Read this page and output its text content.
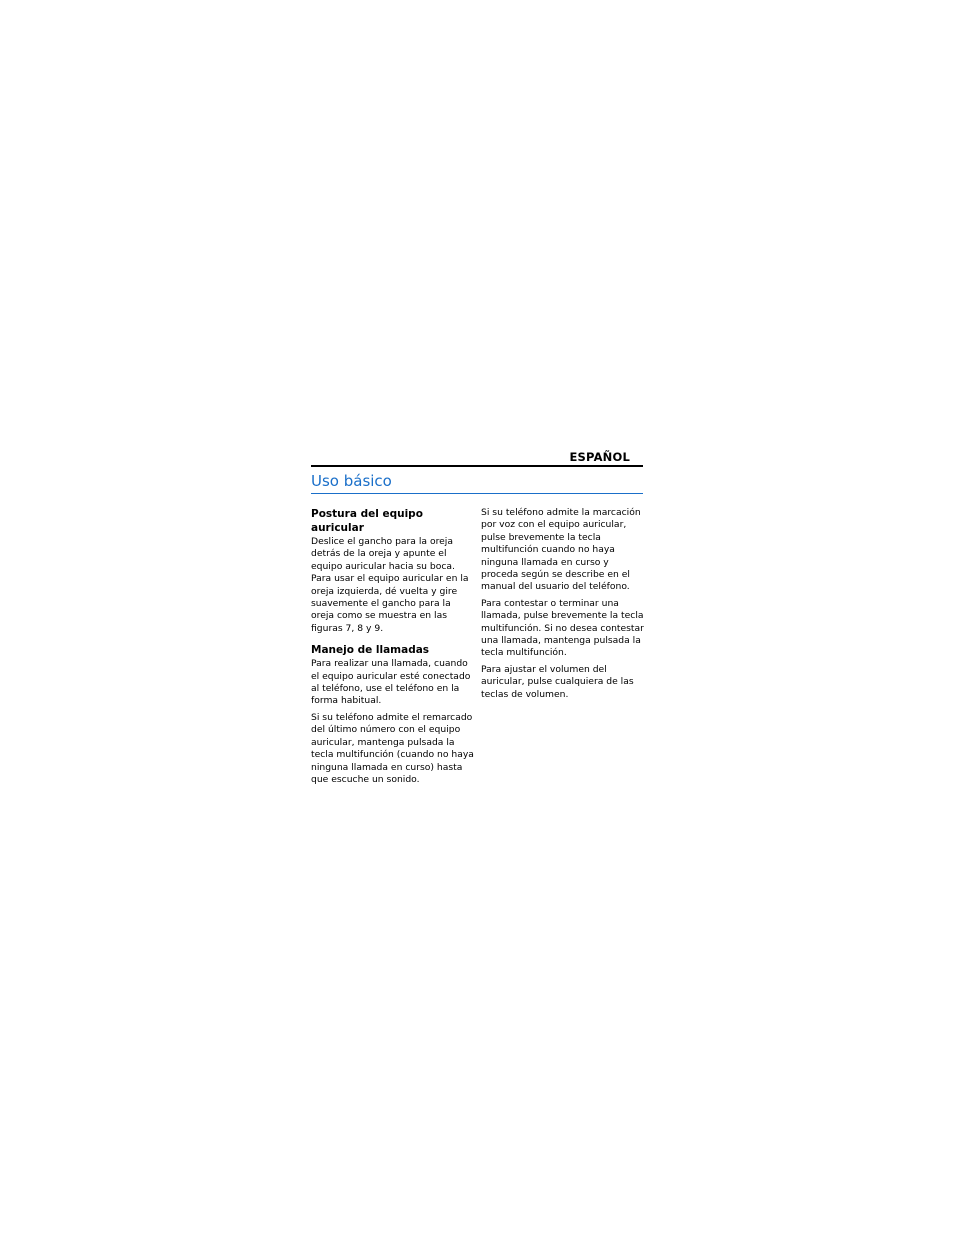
ESPAÑOL
Uso básico
Postura del equipo auricular

Deslice el gancho para la oreja detrás de la oreja y apunte el equipo auricular hacia su boca. Para usar el equipo auricular en la oreja izquierda, dé vuelta y gire suavemente el gancho para la oreja como se muestra en las figuras 7, 8 y 9.

Manejo de llamadas

Para realizar una llamada, cuando el equipo auricular esté conectado al teléfono, use el teléfono en la forma habitual.

Si su teléfono admite el remarcado del último número con el equipo auricular, mantenga pulsada la tecla multifunción (cuando no haya ninguna llamada en curso) hasta que escuche un sonido.

Si su teléfono admite la marcación por voz con el equipo auricular, pulse brevemente la tecla multifunción cuando no haya ninguna llamada en curso y proceda según se describe en el manual del usuario del teléfono.

Para contestar o terminar una llamada, pulse brevemente la tecla multifunción. Si no desea contestar una llamada, mantenga pulsada la tecla multifunción.

Para ajustar el volumen del auricular, pulse cualquiera de las teclas de volumen.
